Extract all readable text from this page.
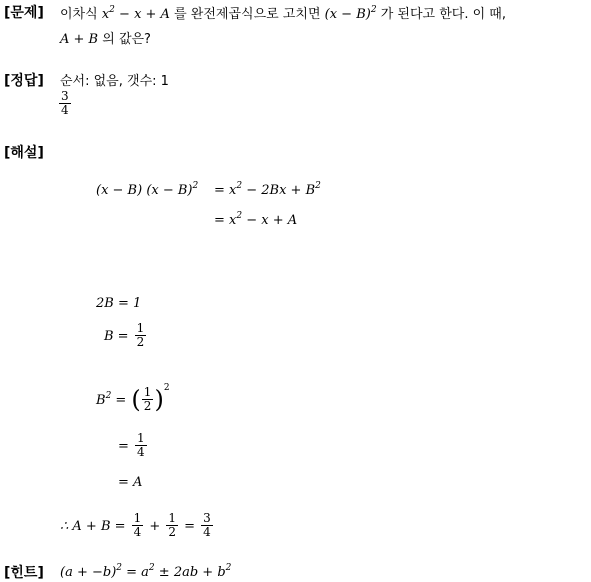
[문제] 이차식 $x^2 - x + A$ 를 완전제곱식으로 고치면 $(x - B)^2$ 가 된다고 한다. 이 때,
A + B 의 값은?
[정답] 순서: 없음, 갯수: 1
$\frac{3}{4}$
[해설]
(x − B) $(x - B)^2 = x^2 - 2Bx + B^2$
= $x^2 - x + A$
2B = 1
$B = \frac{1}{2}$
$B^2$ = ( $\frac{1}{2} )^2$
= $\frac{1}{4}$
= A
∴ $A + B = \frac{1}{4} + \frac{1}{2} = \frac{3}{4}$
[힌트] $(a + -b)^2 = a^2 \pm 2ab + b^2$
